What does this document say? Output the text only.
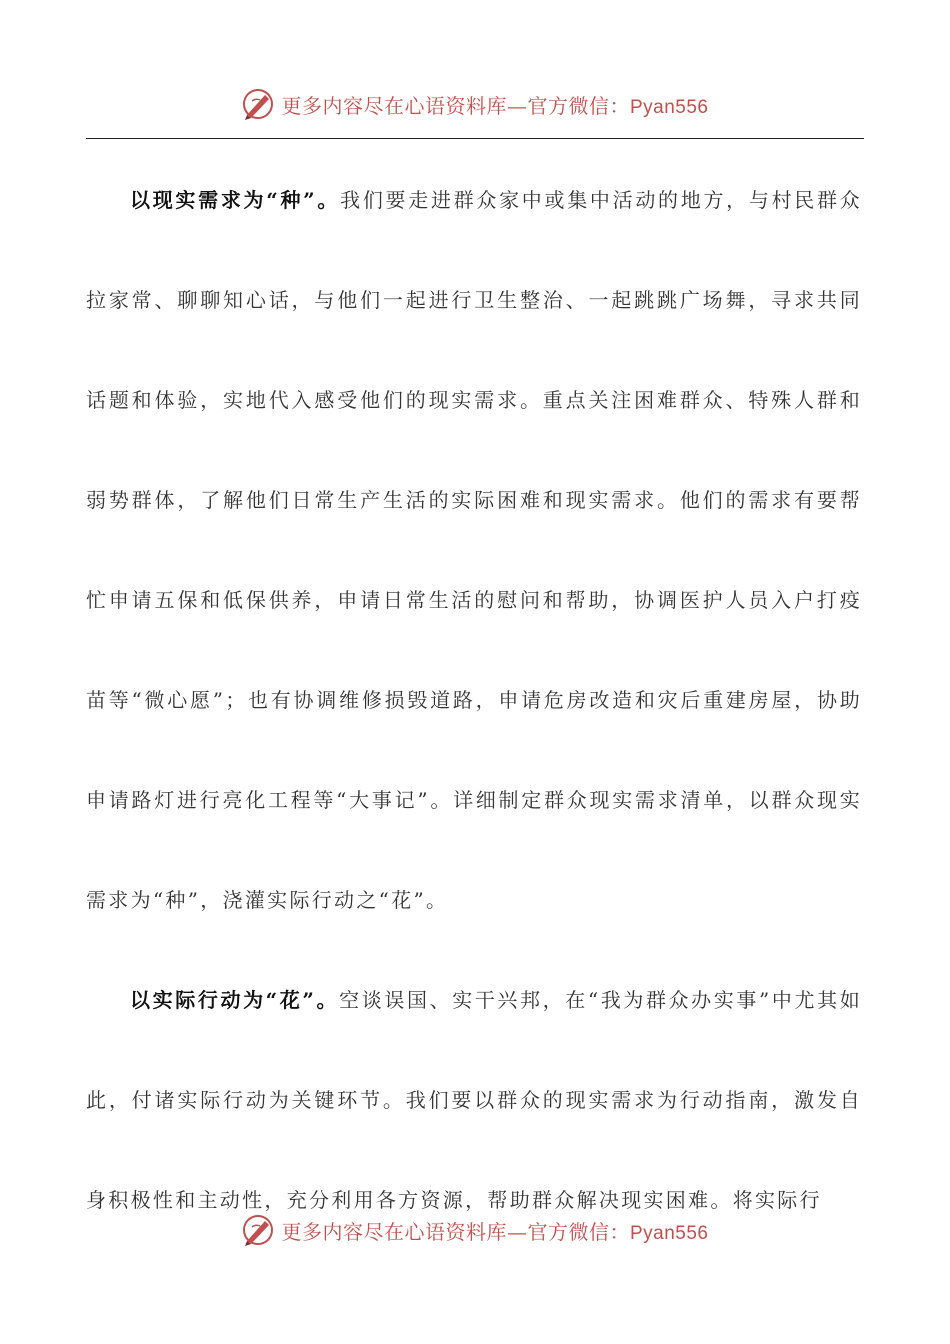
更多内容尽在心语资料库—官方微信：Pyan556

以现实需求为“种”。我们要走进群众家中或集中活动的地方，与村民群众拉家常、聊聊知心话，与他们一起进行卫生整治、一起跳跳广场舞，寻求共同话题和体验，实地代入感受他们的现实需求。重点关注困难群众、特殊人群和弱势群体，了解他们日常生产生活的实际困难和现实需求。他们的需求有要帮忙申请五保和低保供养，申请日常生活的慰问和帮助，协调医护人员入户打疫苗等“微心愿”；也有协调维修损毁道路，申请危房改造和灾后重建房屋，协助申请路灯进行亮化工程等“大事记”。详细制定群众现实需求清单，以群众现实需求为“种”，浇灌实际行动之“花”。

以实际行动为“花”。空谈误国、实干兴邦，在“我为群众办实事”中尤其如此，付诸实际行动为关键环节。我们要以群众的现实需求为行动指南，激发自身积极性和主动性，充分利用各方资源，帮助群众解决现实困难。将实际行

更多内容尽在心语资料库—官方微信：Pyan556
